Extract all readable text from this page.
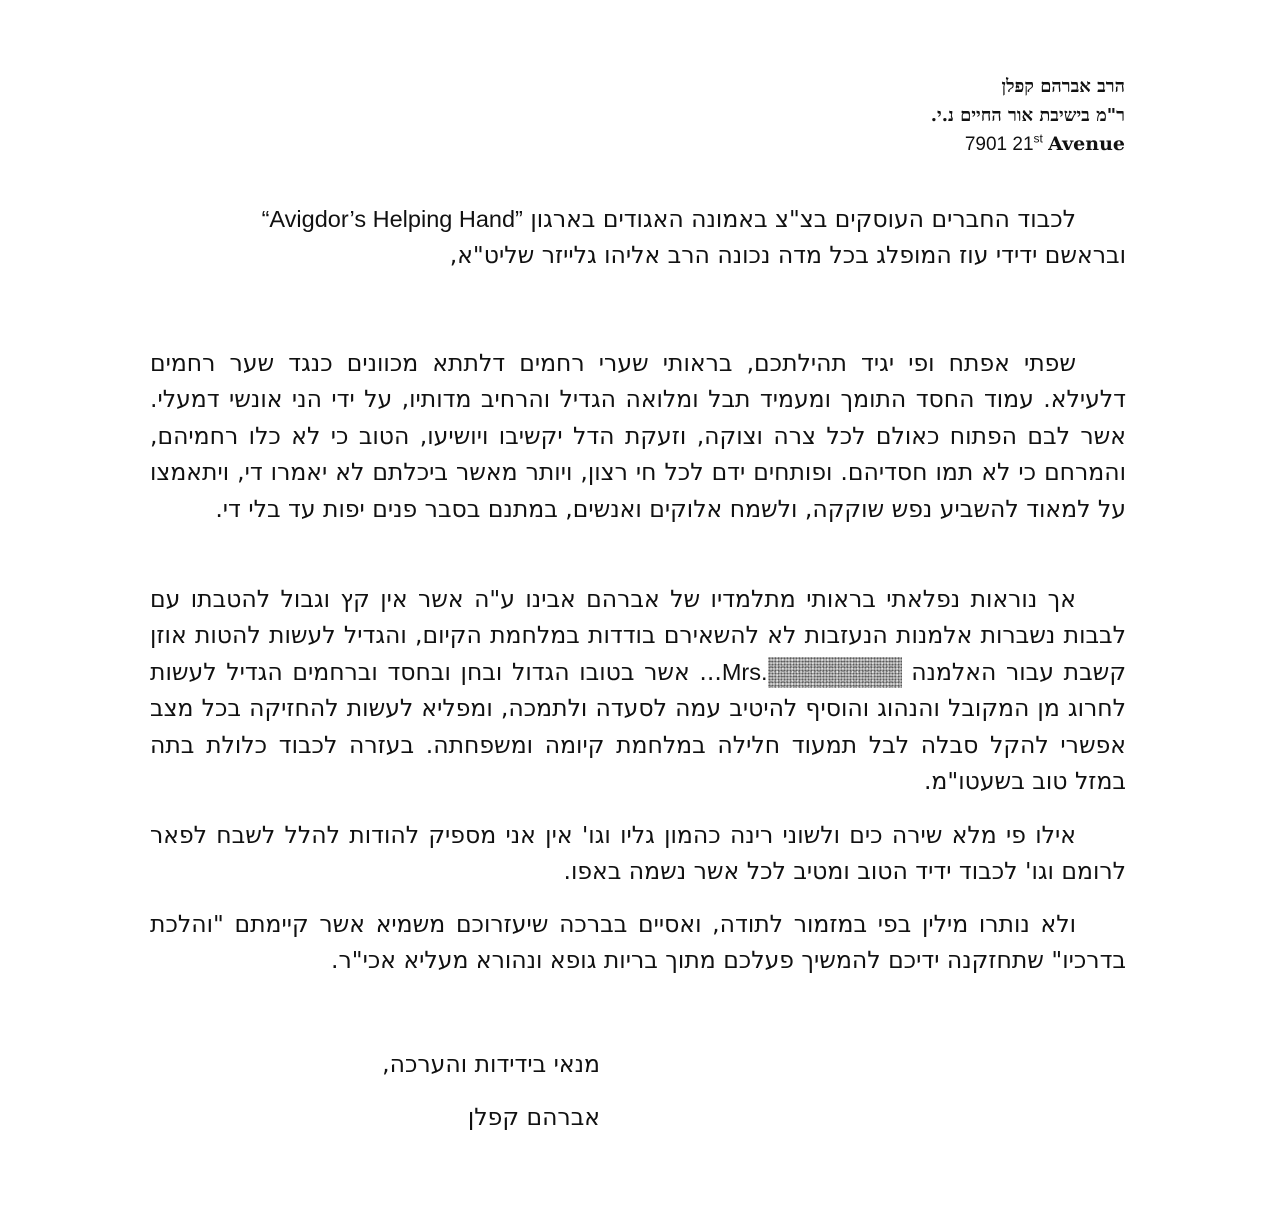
הרב אברהם קפלן
ר"מ בישיבת אור החיים נ.י.
7901 21st Avenue

לכבוד החברים העוסקים בצ"צ באמונה האגודים בארגון “Avigdor’s Helping Hand”

ובראשם ידידי עוז המופלג בכל מדה נכונה הרב אליהו גלייזר שליט"א,

שפתי אפתח ופי יגיד תהילתכם, בראותי שערי רחמים דלתתא מכוונים כנגד שער רחמים דלעילא. עמוד החסד התומך ומעמיד תבל ומלואה הגדיל והרחיב מדותיו, על ידי הני אונשי דמעלי. אשר לבם הפתוח כאולם לכל צרה וצוקה, וזעקת הדל יקשיבו ויושיעו, הטוב כי לא כלו רחמיהם, והמרחם כי לא תמו חסדיהם. ופותחים ידם לכל חי רצון, ויותר מאשר ביכלתם לא יאמרו די, ויתאמצו על למאוד להשביע נפש שוקקה, ולשמח אלוקים ואנשים, במתנם בסבר פנים יפות עד בלי די.

אך נוראות נפלאתי בראותי מתלמדיו של אברהם אבינו ע"ה אשר אין קץ וגבול להטבתו עם לבבות נשברות אלמנות הנעזבות לא להשאירם בודדות במלחמת הקיום, והגדיל לעשות להטות אוזן קשבת עבור האלמנה Mrs.... אשר בטובו הגדול ובחן ובחסד וברחמים הגדיל לעשות לחרוג מן המקובל והנהוג והוסיף להיטיב עמה לסעדה ולתמכה, ומפליא לעשות להחזיקה בכל מצב אפשרי להקל סבלה לבל תמעוד חלילה במלחמת קיומה ומשפחתה. בעזרה לכבוד כלולת בתה במזל טוב בשעטו"מ.

אילו פי מלא שירה כים ולשוני רינה כהמון גליו וגו' אין אני מספיק להודות להלל לשבח לפאר לרומם וגו' לכבוד ידיד הטוב ומטיב לכל אשר נשמה באפו.

ולא נותרו מילין בפי במזמור לתודה, ואסיים בברכה שיעזרוכם משמיא אשר קיימתם "והלכת בדרכיו" שתחזקנה ידיכם להמשיך פעלכם מתוך בריות גופא ונהורא מעליא אכי"ר.

מנאי בידידות והערכה,
אברהם קפלן
